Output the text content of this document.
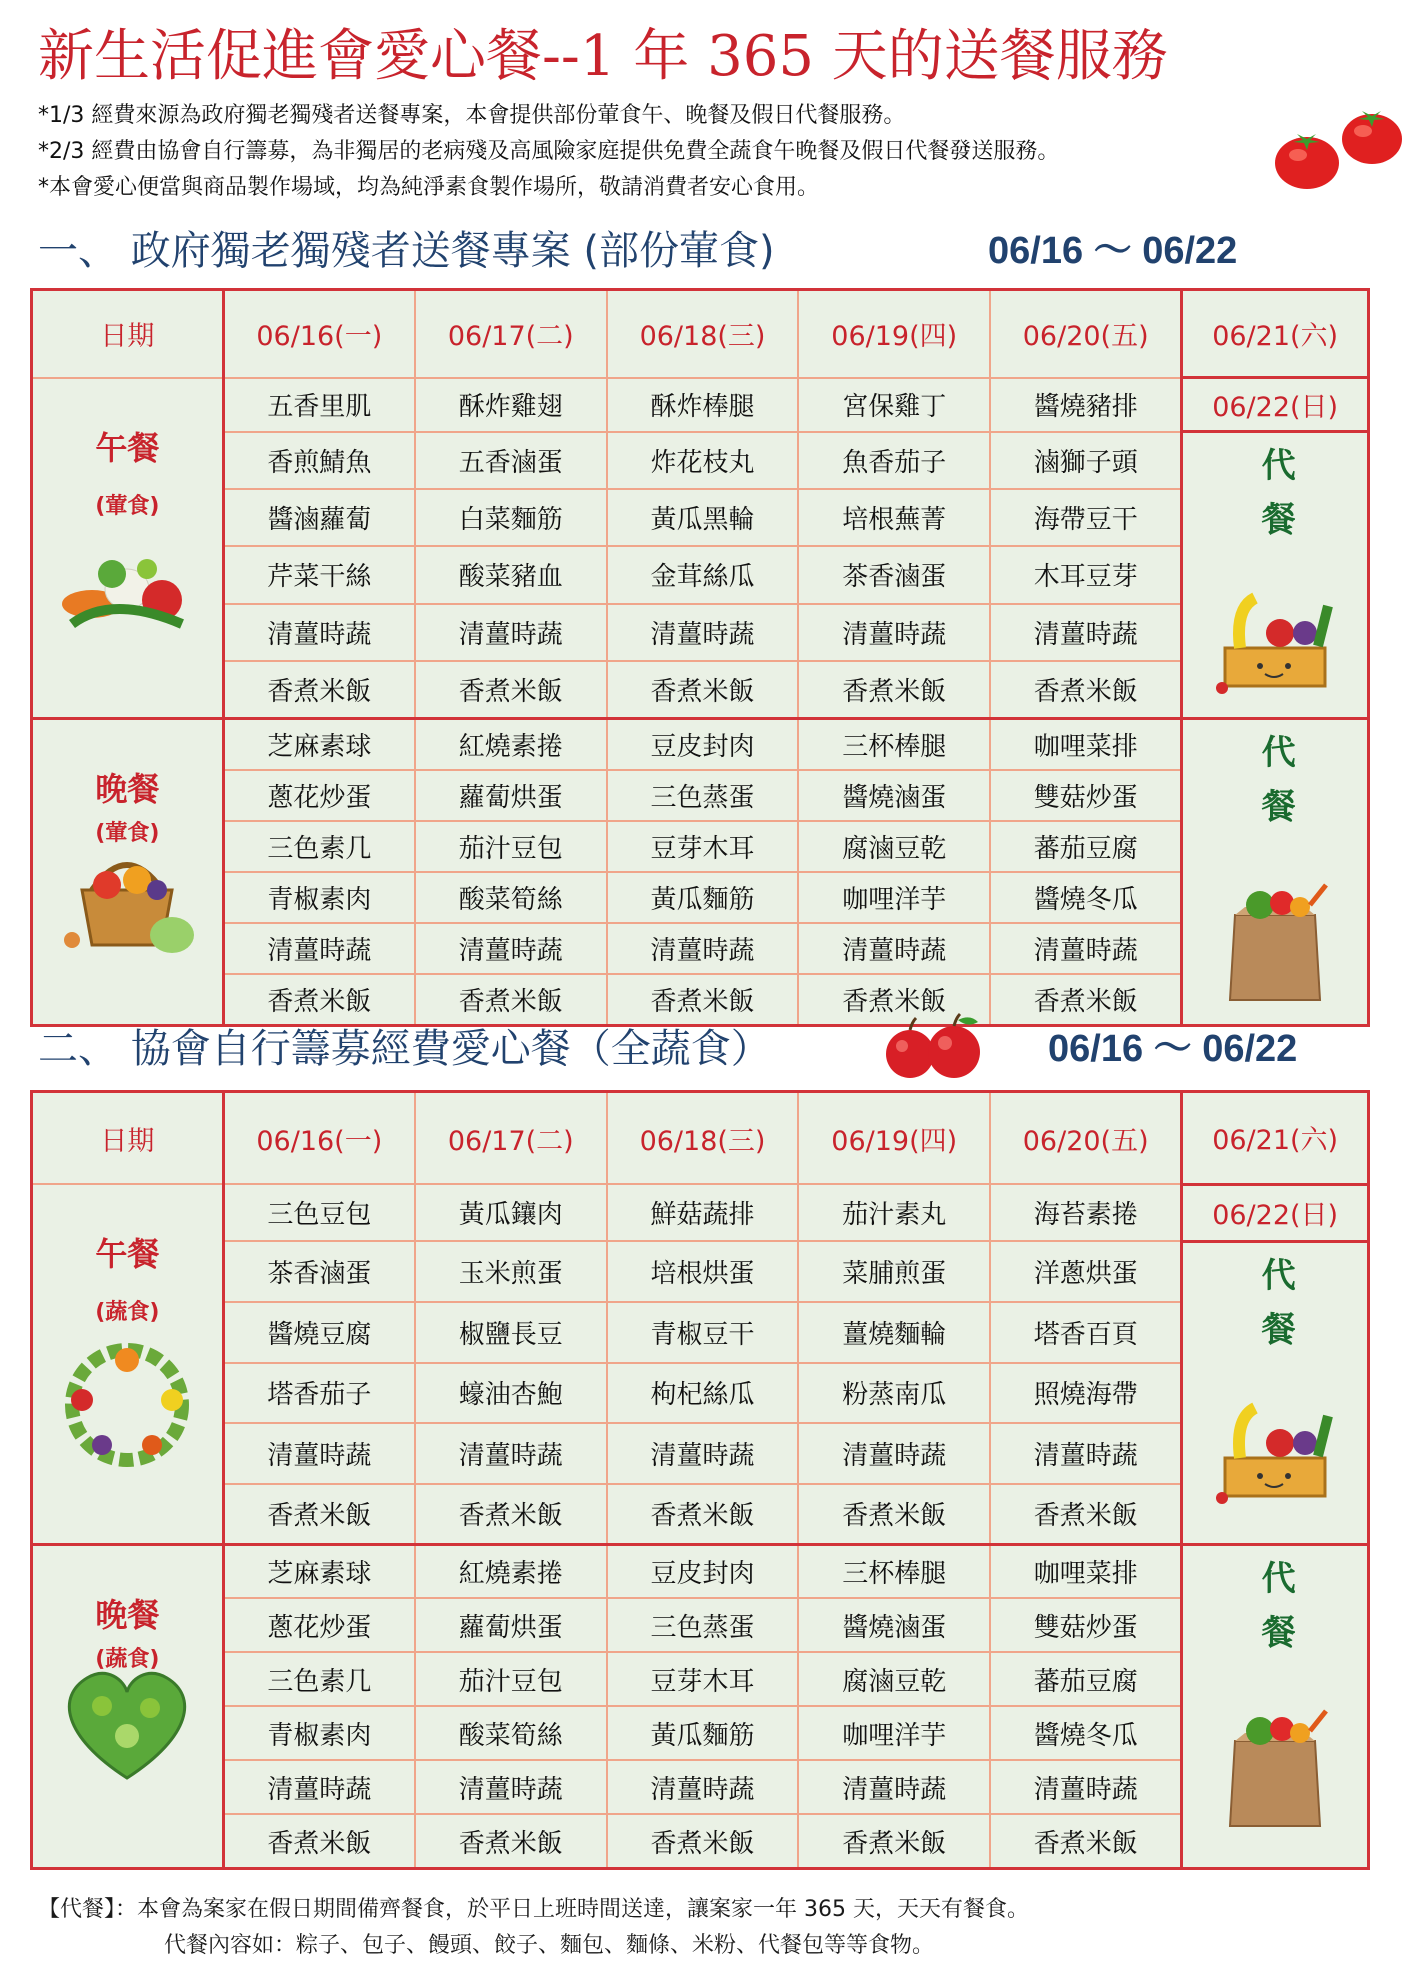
新生活促進會愛心餐--1 年 365 天的送餐服務
*1/3 經費來源為政府獨老獨殘者送餐專案，本會提供部份葷食午、晚餐及假日代餐服務。
*2/3 經費由協會自行籌募，為非獨居的老病殘及高風險家庭提供免費全蔬食午晚餐及假日代餐發送服務。
*本會愛心便當與商品製作場域，均為純淨素食製作場所，敬請消費者安心食用。
一、 政府獨老獨殘者送餐專案 (部份葷食)	06/16 ～ 06/22
日期	06/16(一)	06/17(二)	06/18(三)	06/19(四)	06/20(五)	06/21(六)

午餐
(葷食)	五香里肌	酥炸雞翅	酥炸棒腿	宮保雞丁	醬燒豬排	06/22(日)
	香煎鯖魚	五香滷蛋	炸花枝丸	魚香茄子	滷獅子頭	代餐

	醬滷蘿蔔	白菜麵筋	黃瓜黑輪	培根蕪菁	海帶豆干	
	芹菜干絲	酸菜豬血	金茸絲瓜	茶香滷蛋	木耳豆芽	
	清薑時蔬	清薑時蔬	清薑時蔬	清薑時蔬	清薑時蔬	
	香煮米飯	香煮米飯	香煮米飯	香煮米飯	香煮米飯	

晚餐
(葷食)	芝麻素球	紅燒素捲	豆皮封肉	三杯棒腿	咖哩菜排	代餐

	蔥花炒蛋	蘿蔔烘蛋	三色蒸蛋	醬燒滷蛋	雙菇炒蛋	
	三色素几	茄汁豆包	豆芽木耳	腐滷豆乾	蕃茄豆腐	
	青椒素肉	酸菜筍絲	黃瓜麵筋	咖哩洋芋	醬燒冬瓜	
	清薑時蔬	清薑時蔬	清薑時蔬	清薑時蔬	清薑時蔬	
	香煮米飯	香煮米飯	香煮米飯	香煮米飯	香煮米飯	
二、 協會自行籌募經費愛心餐（全蔬食）	06/16 ～ 06/22
日期	06/16(一)	06/17(二)	06/18(三)	06/19(四)	06/20(五)	06/21(六)

午餐
(蔬食)	三色豆包	黃瓜鑲肉	鮮菇蔬排	茄汁素丸	海苔素捲	06/22(日)
	茶香滷蛋	玉米煎蛋	培根烘蛋	菜脯煎蛋	洋蔥烘蛋	代餐

	醬燒豆腐	椒鹽長豆	青椒豆干	薑燒麵輪	塔香百頁	
	塔香茄子	蠔油杏鮑	枸杞絲瓜	粉蒸南瓜	照燒海帶	
	清薑時蔬	清薑時蔬	清薑時蔬	清薑時蔬	清薑時蔬	
	香煮米飯	香煮米飯	香煮米飯	香煮米飯	香煮米飯	

晚餐
(蔬食)	芝麻素球	紅燒素捲	豆皮封肉	三杯棒腿	咖哩菜排	代餐

	蔥花炒蛋	蘿蔔烘蛋	三色蒸蛋	醬燒滷蛋	雙菇炒蛋	
	三色素几	茄汁豆包	豆芽木耳	腐滷豆乾	蕃茄豆腐	
	青椒素肉	酸菜筍絲	黃瓜麵筋	咖哩洋芋	醬燒冬瓜	
	清薑時蔬	清薑時蔬	清薑時蔬	清薑時蔬	清薑時蔬	
	香煮米飯	香煮米飯	香煮米飯	香煮米飯	香煮米飯	
【代餐】：本會為案家在假日期間備齊餐食，於平日上班時間送達，讓案家一年 365 天，天天有餐食。
代餐內容如：粽子、包子、饅頭、餃子、麵包、麵條、米粉、代餐包等等食物。
